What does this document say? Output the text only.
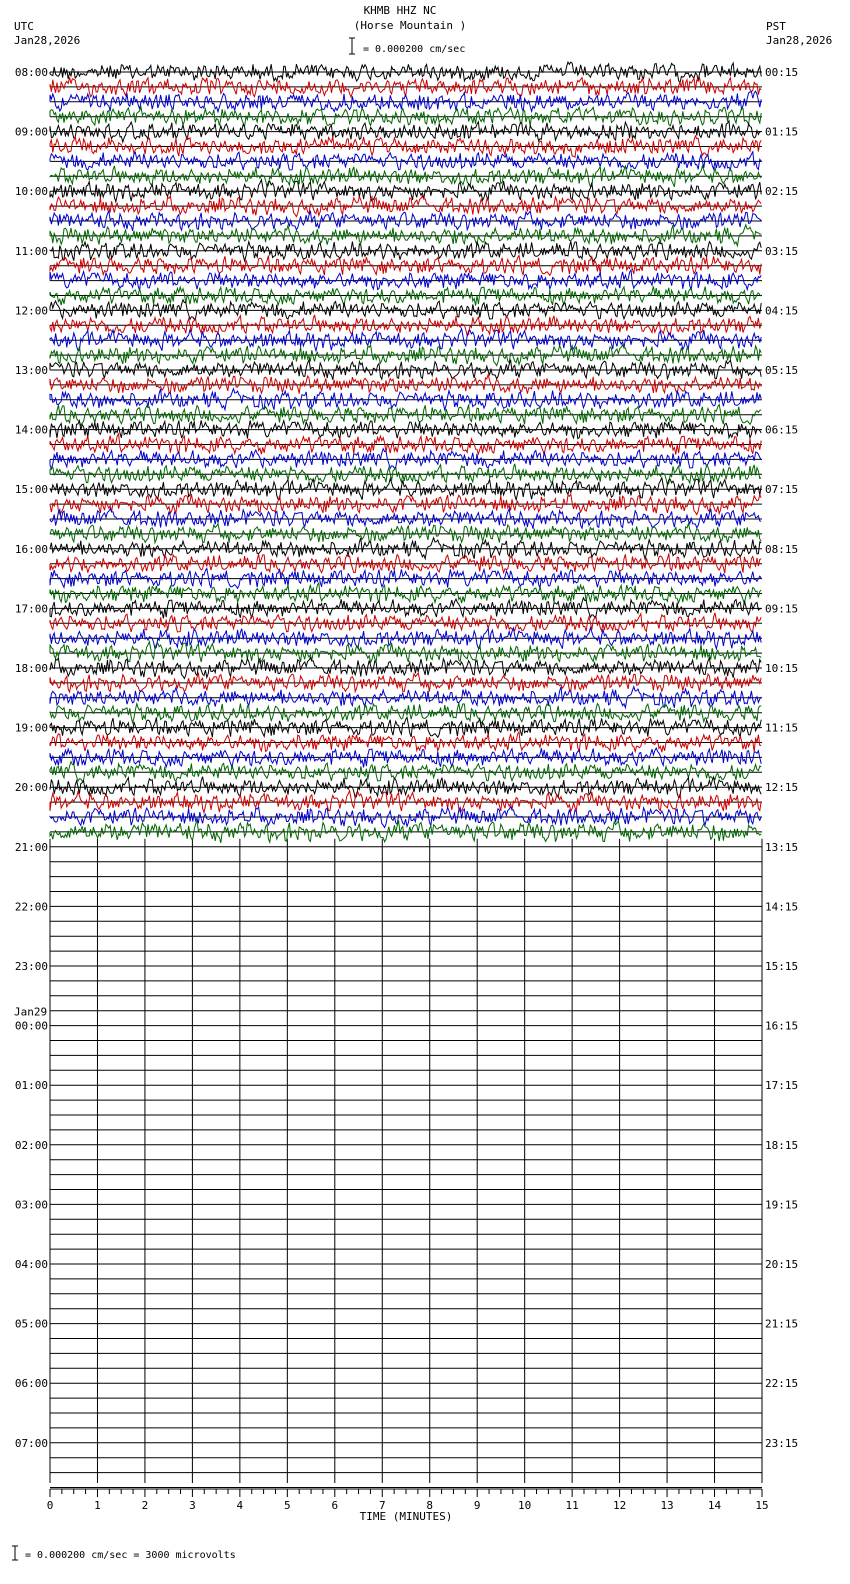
KHMB HHZ NC
(Horse Mountain )
= 0.000200 cm/sec
UTC
Jan28,2026
PST
Jan28,2026
08:00
09:00
10:00
11:00
12:00
13:00
14:00
15:00
16:00
17:00
18:00
19:00
20:00
21:00
22:00
23:00
00:00
01:00
02:00
03:00
04:00
05:00
06:00
07:00
00:15
01:15
02:15
03:15
04:15
05:15
06:15
07:15
08:15
09:15
10:15
11:15
12:15
13:15
14:15
15:15
16:15
17:15
18:15
19:15
20:15
21:15
22:15
23:15
Jan29
0	1	2	3	4	5	6	7	8	9	10	11	12	13	14	15
TIME (MINUTES)
= 0.000200 cm/sec = 3000 microvolts
